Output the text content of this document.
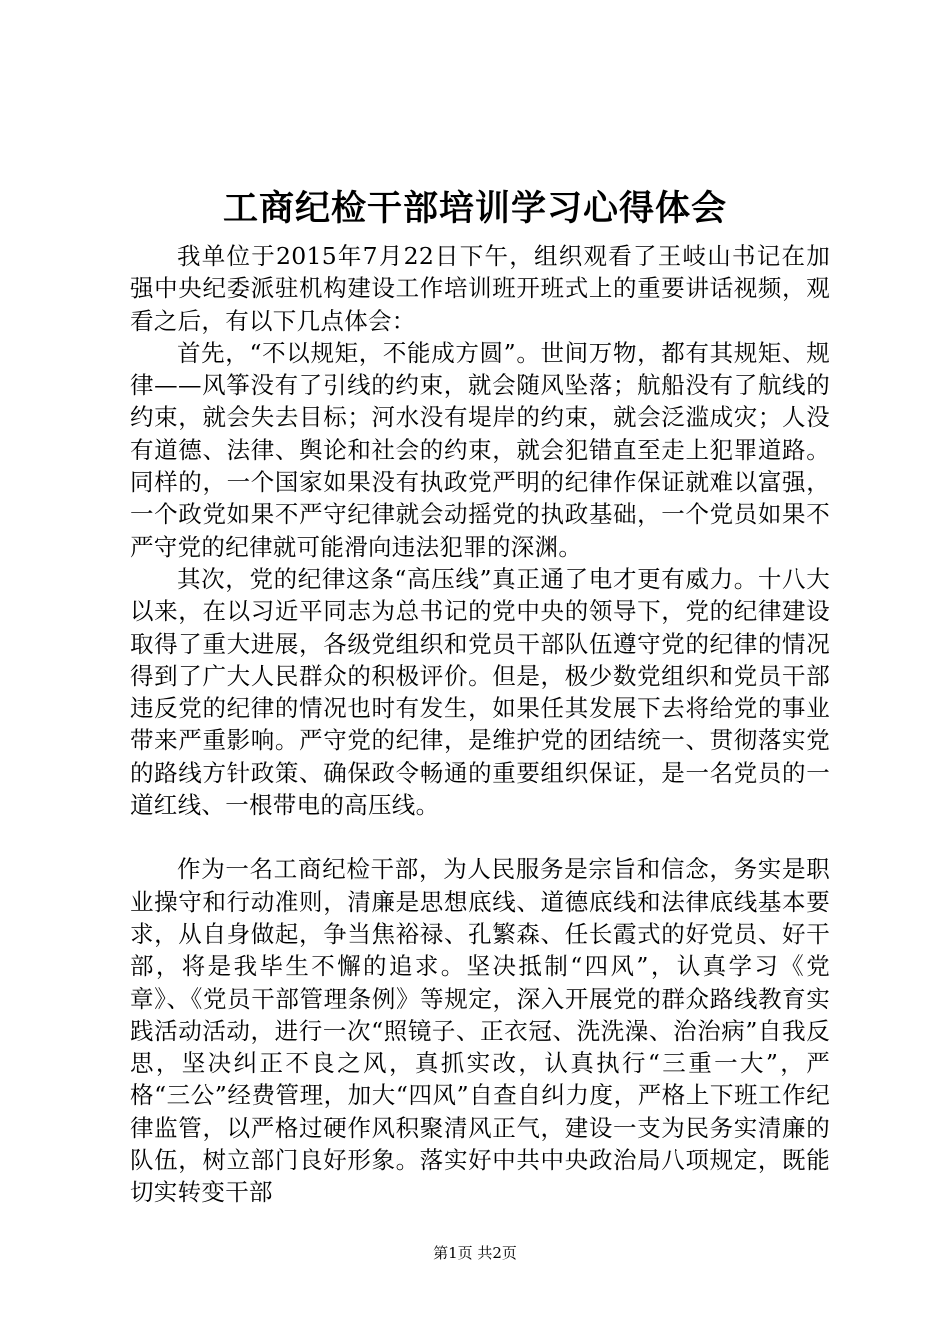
工商纪检干部培训学习心得体会

我单位于2015年7月22日下午，组织观看了王岐山书记在加强中央纪委派驻机构建设工作培训班开班式上的重要讲话视频，观看之后，有以下几点体会：

首先，“不以规矩，不能成方圆”。世间万物，都有其规矩、规律——风筝没有了引线的约束，就会随风坠落；航船没有了航线的约束，就会失去目标；河水没有堤岸的约束，就会泛滥成灾；人没有道德、法律、舆论和社会的约束，就会犯错直至走上犯罪道路。同样的，一个国家如果没有执政党严明的纪律作保证就难以富强，一个政党如果不严守纪律就会动摇党的执政基础，一个党员如果不严守党的纪律就可能滑向违法犯罪的深渊。

其次，党的纪律这条“高压线”真正通了电才更有威力。十八大以来，在以习近平同志为总书记的党中央的领导下，党的纪律建设取得了重大进展，各级党组织和党员干部队伍遵守党的纪律的情况得到了广大人民群众的积极评价。但是，极少数党组织和党员干部违反党的纪律的情况也时有发生，如果任其发展下去将给党的事业带来严重影响。严守党的纪律，是维护党的团结统一、贯彻落实党的路线方针政策、确保政令畅通的重要组织保证，是一名党员的一道红线、一根带电的高压线。

作为一名工商纪检干部，为人民服务是宗旨和信念，务实是职业操守和行动准则，清廉是思想底线、道德底线和法律底线基本要求，从自身做起，争当焦裕禄、孔繁森、任长霞式的好党员、好干部，将是我毕生不懈的追求。坚决抵制“四风”，认真学习《党章》、《党员干部管理条例》等规定，深入开展党的群众路线教育实践活动活动，进行一次“照镜子、正衣冠、洗洗澡、治治病”自我反思，坚决纠正不良之风，真抓实改，认真执行“三重一大”，严格“三公”经费管理，加大“四风”自查自纠力度，严格上下班工作纪律监管，以严格过硬作风积聚清风正气，建设一支为民务实清廉的队伍，树立部门良好形象。落实好中共中央政治局八项规定，既能切实转变干部

第1页 共2页
